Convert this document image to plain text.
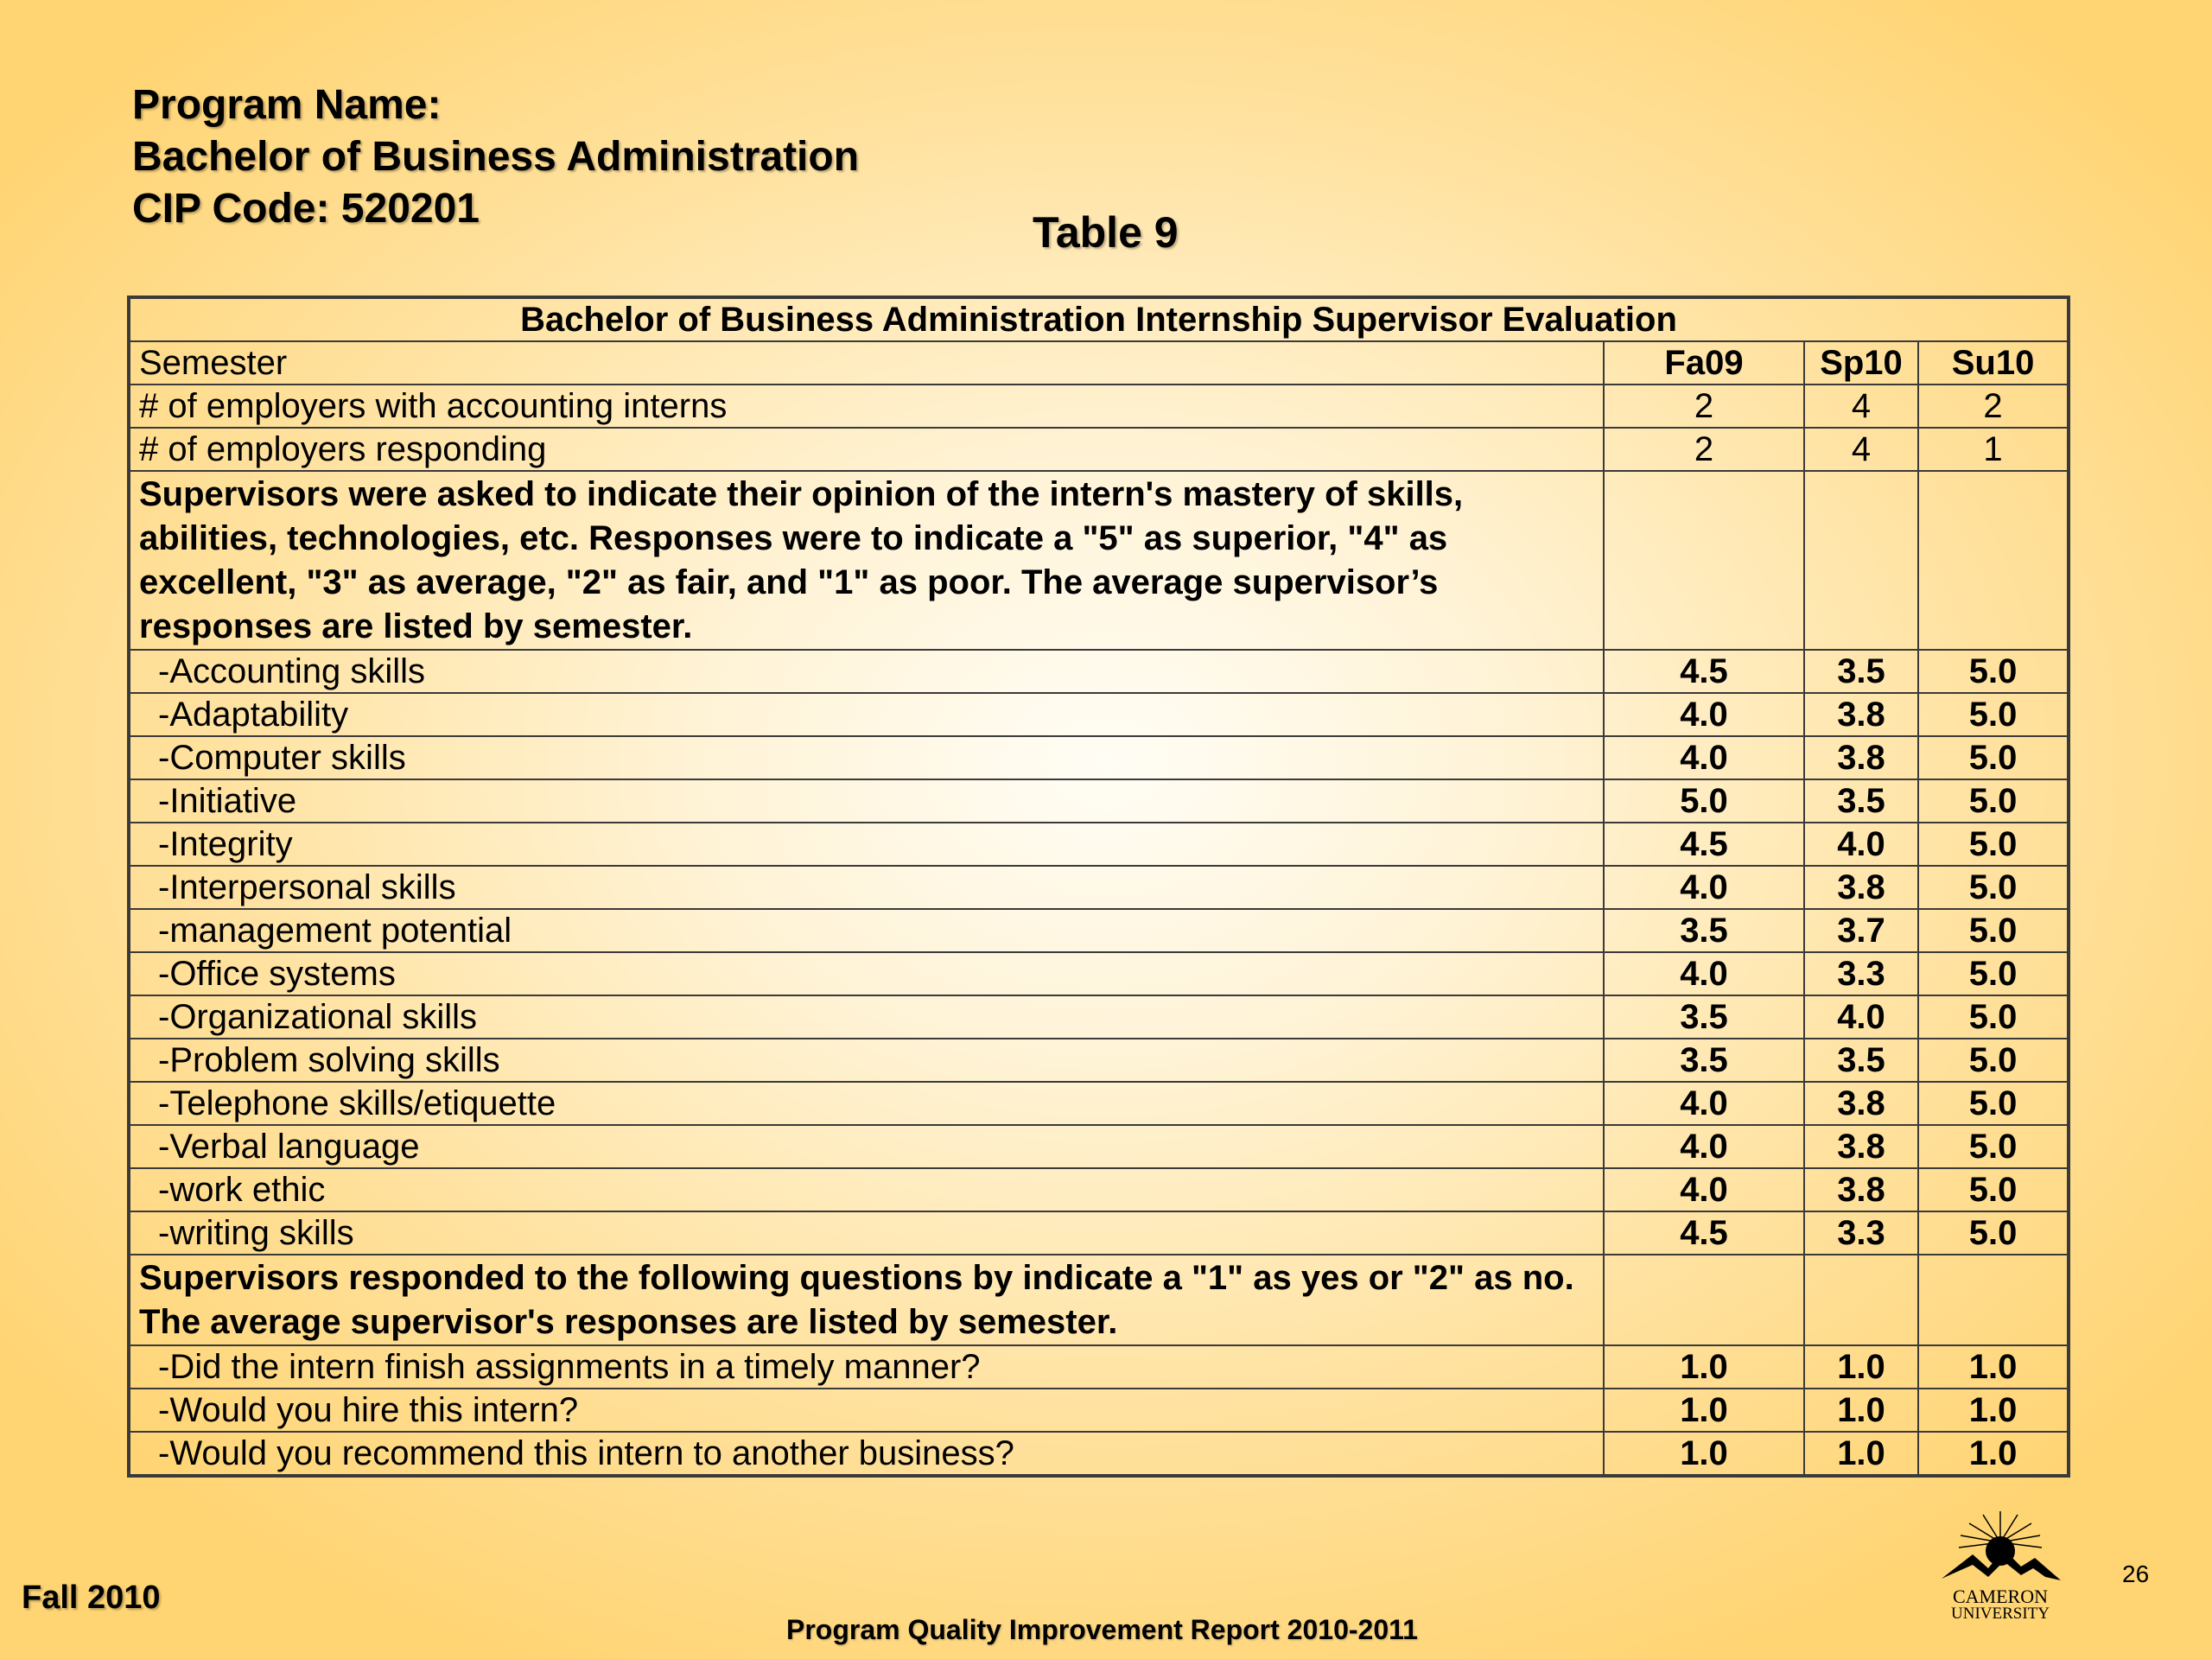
Program Name:
Bachelor of Business Administration
CIP Code: 520201	Table 9
Bachelor of Business Administration Internship Supervisor Evaluation			
Semester	Fa09	Sp10	Su10
# of employers with accounting interns	2	4	2
# of employers responding	2	4	1
Supervisors were asked to indicate their opinion of the intern's mastery of skills, abilities, technologies, etc. Responses were to indicate a "5" as superior, "4" as excellent, "3" as average, "2" as fair, and "1" as poor. The average supervisor’s responses are listed by semester.			
-Accounting skills	4.5	3.5	5.0
-Adaptability	4.0	3.8	5.0
-Computer skills	4.0	3.8	5.0
-Initiative	5.0	3.5	5.0
-Integrity	4.5	4.0	5.0
-Interpersonal skills	4.0	3.8	5.0
-management potential	3.5	3.7	5.0
-Office systems	4.0	3.3	5.0
-Organizational skills	3.5	4.0	5.0
-Problem solving skills	3.5	3.5	5.0
-Telephone skills/etiquette	4.0	3.8	5.0
-Verbal language	4.0	3.8	5.0
-work ethic	4.0	3.8	5.0
-writing skills	4.5	3.3	5.0
Supervisors responded to the following questions by indicate a "1" as yes or "2" as no. The average supervisor's responses are listed by semester.			
-Did the intern finish assignments in a timely manner?	1.0	1.0	1.0
-Would you hire this intern?	1.0	1.0	1.0
-Would you recommend this intern to another business?	1.0	1.0	1.0
Fall 2010
Program Quality Improvement Report 2010-2011
26
CAMERON
UNIVERSITY
